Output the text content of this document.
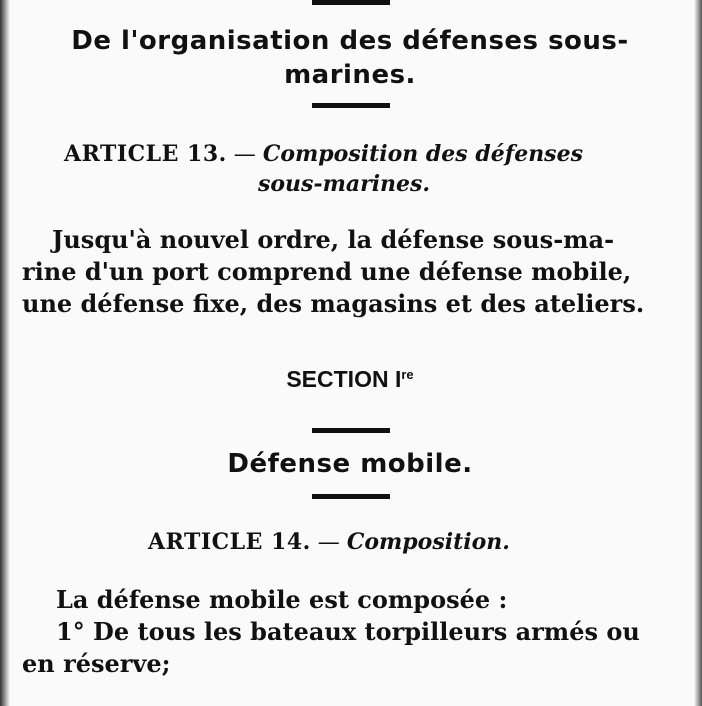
De l'organisation des défenses sous-
marines.
ARTICLE 13. — Composition des défenses
sous-marines.
Jusqu'à nouvel ordre, la défense sous-ma-
rine d'un port comprend une défense mobile,
une défense fixe, des magasins et des ateliers.
SECTION Ire
Défense mobile.
ARTICLE 14. — Composition.
La défense mobile est composée :
1° De tous les bateaux torpilleurs armés ou
en réserve;
